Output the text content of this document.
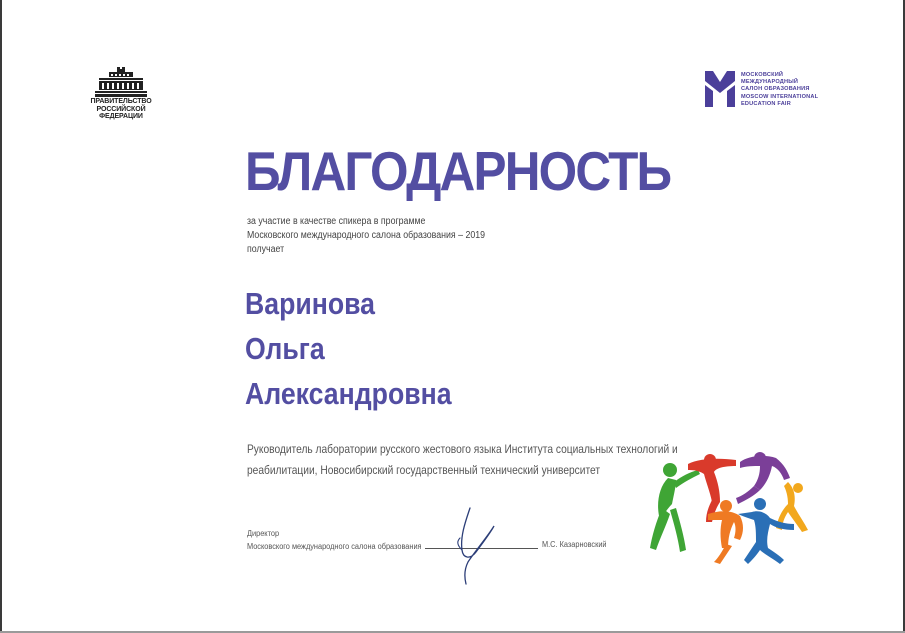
ПРАВИТЕЛЬСТВО
РОССИЙСКОЙ
ФЕДЕРАЦИИ
МОСКОВСКИЙ
МЕЖДУНАРОДНЫЙ
САЛОН ОБРАЗОВАНИЯ
MOSCOW INTERNATIONAL
EDUCATION FAIR
БЛАГОДАРНОСТЬ
за участие в качестве спикера в программе
Московского международного салона образования – 2019
получает
Варинова
Ольга
Александровна
Руководитель лаборатории русского жестового языка Института социальных технологий и
реабилитации, Новосибирский государственный технический университет
Директор
Московского международного салона образования	М.С. Казарновский
